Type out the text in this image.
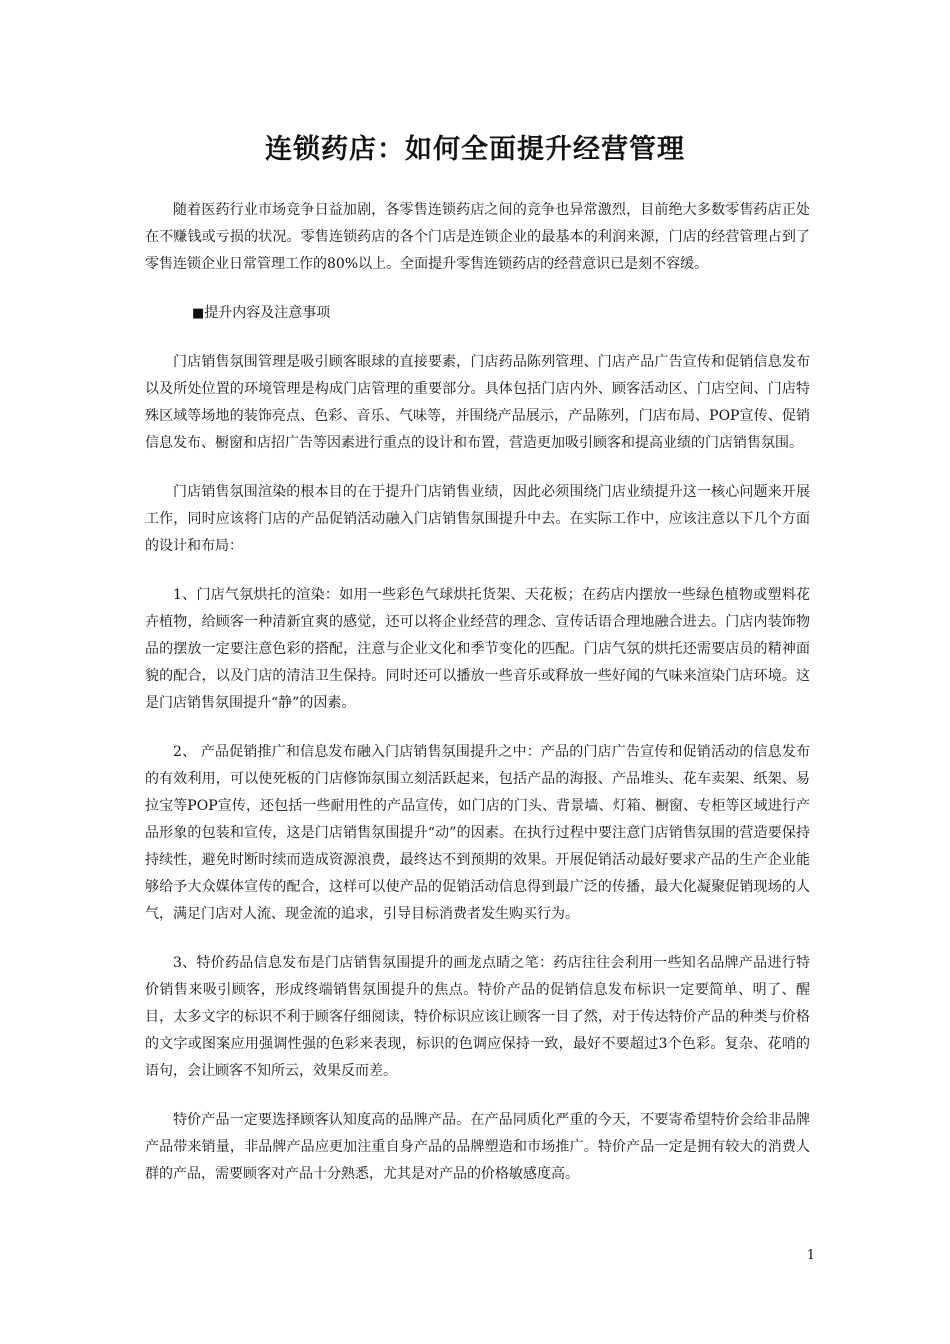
连锁药店：如何全面提升经营管理

随着医药行业市场竞争日益加剧，各零售连锁药店之间的竞争也异常激烈，目前绝大多数零售药店正处在不赚钱或亏损的状况。零售连锁药店的各个门店是连锁企业的最基本的利润来源，门店的经营管理占到了零售连锁企业日常管理工作的80%以上。全面提升零售连锁药店的经营意识已是刻不容缓。

■提升内容及注意事项

门店销售氛围管理是吸引顾客眼球的直接要素，门店药品陈列管理、门店产品广告宣传和促销信息发布以及所处位置的环境管理是构成门店管理的重要部分。具体包括门店内外、顾客活动区、门店空间、门店特殊区域等场地的装饰亮点、色彩、音乐、气味等，并围绕产品展示，产品陈列，门店布局、POP宣传、促销信息发布、橱窗和店招广告等因素进行重点的设计和布置，营造更加吸引顾客和提高业绩的门店销售氛围。

门店销售氛围渲染的根本目的在于提升门店销售业绩，因此必须围绕门店业绩提升这一核心问题来开展工作，同时应该将门店的产品促销活动融入门店销售氛围提升中去。在实际工作中，应该注意以下几个方面的设计和布局：

1、门店气氛烘托的渲染：如用一些彩色气球烘托货架、天花板；在药店内摆放一些绿色植物或塑料花卉植物，给顾客一种清新宜爽的感觉，还可以将企业经营的理念、宣传话语合理地融合进去。门店内装饰物品的摆放一定要注意色彩的搭配，注意与企业文化和季节变化的匹配。门店气氛的烘托还需要店员的精神面貌的配合，以及门店的清洁卫生保持。同时还可以播放一些音乐或释放一些好闻的气味来渲染门店环境。这是门店销售氛围提升“静”的因素。

2、 产品促销推广和信息发布融入门店销售氛围提升之中：产品的门店广告宣传和促销活动的信息发布的有效利用，可以使死板的门店修饰氛围立刻活跃起来，包括产品的海报、产品堆头、花车卖架、纸架、易拉宝等POP宣传，还包括一些耐用性的产品宣传，如门店的门头、背景墙、灯箱、橱窗、专柜等区域进行产品形象的包装和宣传，这是门店销售氛围提升“动”的因素。在执行过程中要注意门店销售氛围的营造要保持持续性，避免时断时续而造成资源浪费，最终达不到预期的效果。开展促销活动最好要求产品的生产企业能够给予大众媒体宣传的配合，这样可以使产品的促销活动信息得到最广泛的传播，最大化凝聚促销现场的人气，满足门店对人流、现金流的追求，引导目标消费者发生购买行为。

3、特价药品信息发布是门店销售氛围提升的画龙点睛之笔：药店往往会利用一些知名品牌产品进行特价销售来吸引顾客，形成终端销售氛围提升的焦点。特价产品的促销信息发布标识一定要简单、明了、醒目，太多文字的标识不利于顾客仔细阅读，特价标识应该让顾客一目了然，对于传达特价产品的种类与价格的文字或图案应用强调性强的色彩来表现，标识的色调应保持一致，最好不要超过3个色彩。复杂、花哨的语句，会让顾客不知所云，效果反而差。

特价产品一定要选择顾客认知度高的品牌产品。在产品同质化严重的今天，不要寄希望特价会给非品牌产品带来销量，非品牌产品应更加注重自身产品的品牌塑造和市场推广。特价产品一定是拥有较大的消费人群的产品，需要顾客对产品十分熟悉，尤其是对产品的价格敏感度高。

1
